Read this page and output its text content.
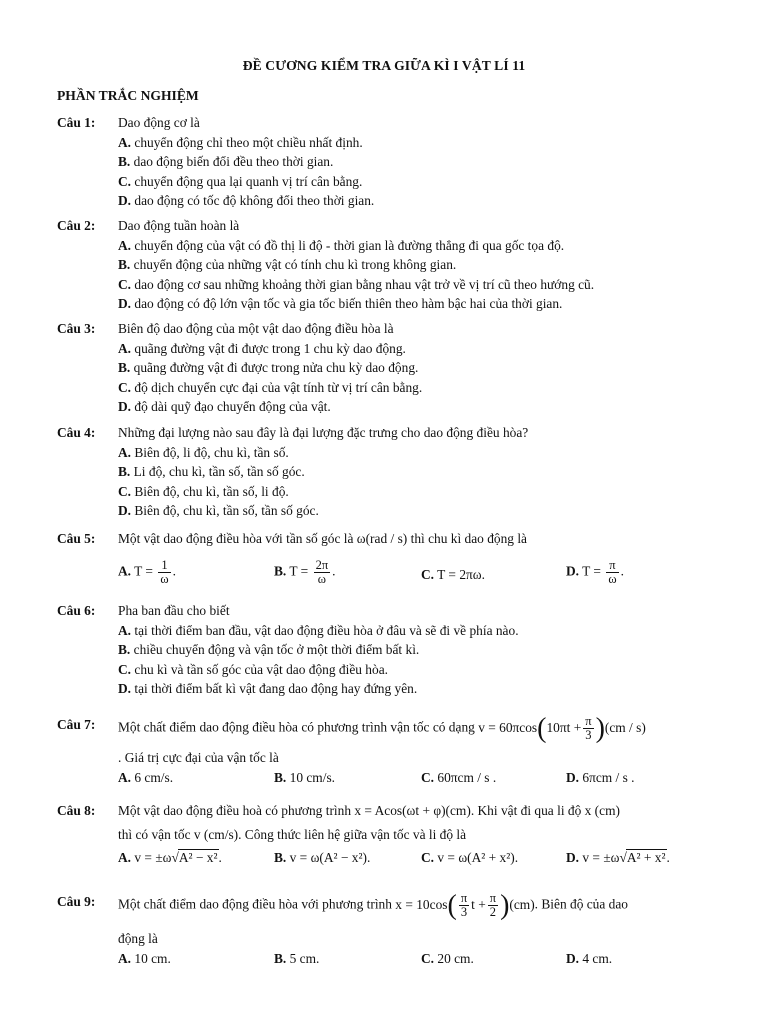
ĐỀ CƯƠNG KIỂM TRA GIỮA KÌ I VẬT LÍ 11
PHẦN TRẮC NGHIỆM
Câu 1: Dao động cơ là
A. chuyển động chỉ theo một chiều nhất định.
B. dao động biến đổi đều theo thời gian.
C. chuyển động qua lại quanh vị trí cân bằng.
D. dao động có tốc độ không đổi theo thời gian.
Câu 2: Dao động tuần hoàn là
A. chuyển động của vật có đồ thị li độ - thời gian là đường thẳng đi qua gốc tọa độ.
B. chuyển động của những vật có tính chu kì trong không gian.
C. dao động cơ sau những khoảng thời gian bằng nhau vật trở về vị trí cũ theo hướng cũ.
D. dao động có độ lớn vận tốc và gia tốc biến thiên theo hàm bậc hai của thời gian.
Câu 3: Biên độ dao động của một vật dao động điều hòa là
A. quãng đường vật đi được trong 1 chu kỳ dao động.
B. quãng đường vật đi được trong nửa chu kỳ dao động.
C. độ dịch chuyển cực đại của vật tính từ vị trí cân bằng.
D. độ dài quỹ đạo chuyển động của vật.
Câu 4: Những đại lượng nào sau đây là đại lượng đặc trưng cho dao động điều hòa?
A. Biên độ, li độ, chu kì, tần số.
B. Li độ, chu kì, tần số, tần số góc.
C. Biên độ, chu kì, tần số, li độ.
D. Biên độ, chu kì, tần số, tần số góc.
Câu 5: Một vật dao động điều hòa với tần số góc là ω(rad / s) thì chu kì dao động là
A. $T = \frac{1}{\omega}$ .	B. $T = \frac{2\pi}{\omega}$ .	C. T = 2πω.	D. $T = \frac{\pi}{\omega}$ .
Câu 6: Pha ban đầu cho biết
A. tại thời điểm ban đầu, vật dao động điều hòa ở đâu và sẽ đi về phía nào.
B. chiều chuyển động và vận tốc ở một thời điểm bất kì.
C. chu kì và tần số góc của vật dao động điều hòa.
D. tại thời điểm bất kì vật đang dao động hay đứng yên.
Câu 7: Một chất điểm dao động điều hòa có phương trình vận tốc có dạng $v = 60\pi\cos(10\pi t + \frac{\pi}{3} )(cm / s)$
. Giá trị cực đại của vận tốc là
A. 6 cm/s.	B. 10 cm/s.	C. 60πcm / s .	D. 6πcm / s .
Câu 8: Một vật dao động điều hoà có phương trình x = Acos(ωt + φ)(cm). Khi vật đi qua li độ x (cm)
thì có vận tốc v (cm/s). Công thức liên hệ giữa vận tốc và li độ là
A. v = ±ω√A² − x².	B. v = ω(A² − x²).	C. v = ω(A² + x²).	D. v = ±ω√A² + x².
Câu 9: Một chất điểm dao động điều hòa với phương trình $x = 10\cos( \frac{\pi}{3}$ $t + \frac{\pi}{2} )(cm)$. Biên độ của dao
động là
A. 10 cm.	B. 5 cm.	C. 20 cm.	D. 4 cm.
